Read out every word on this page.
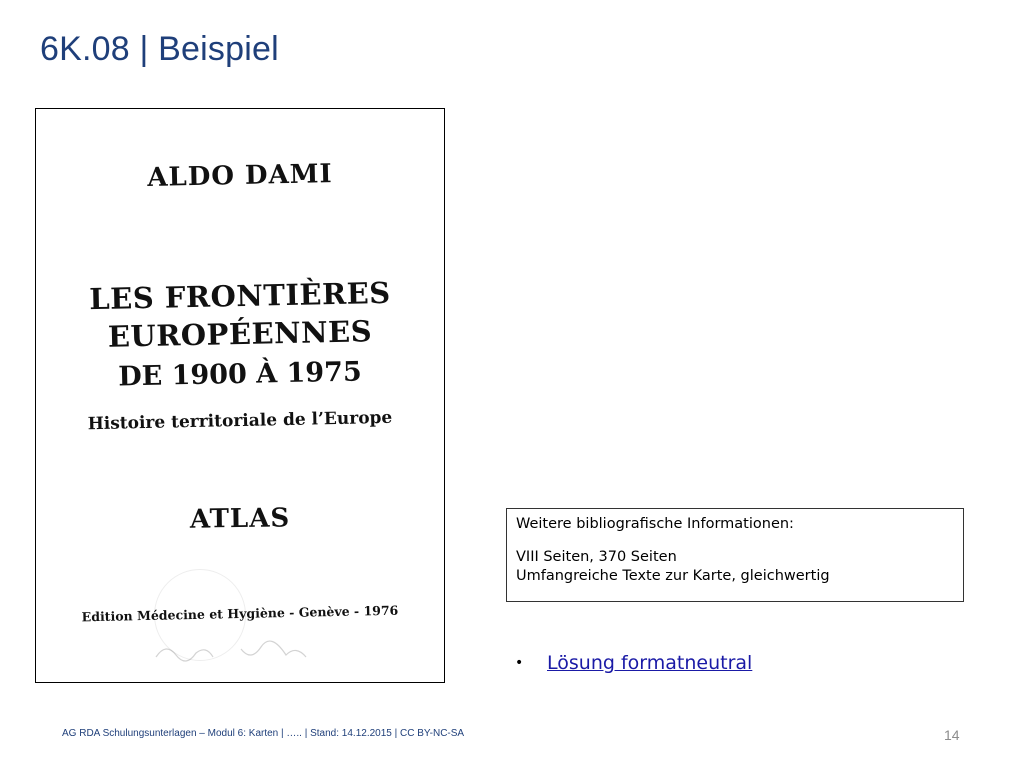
6K.08 | Beispiel
ALDO DAMI
LES FRONTIÈRES
EUROPÉENNES
DE 1900 À 1975
Histoire territoriale de l’Europe
ATLAS
Edition Médecine et Hygiène - Genève - 1976
Weitere bibliografische Informationen:
VIII Seiten, 370 Seiten
Umfangreiche Texte zur Karte, gleichwertig
• Lösung formatneutral
AG RDA Schulungsunterlagen – Modul 6: Karten | ….. | Stand: 14.12.2015 | CC BY-NC-SA	14
